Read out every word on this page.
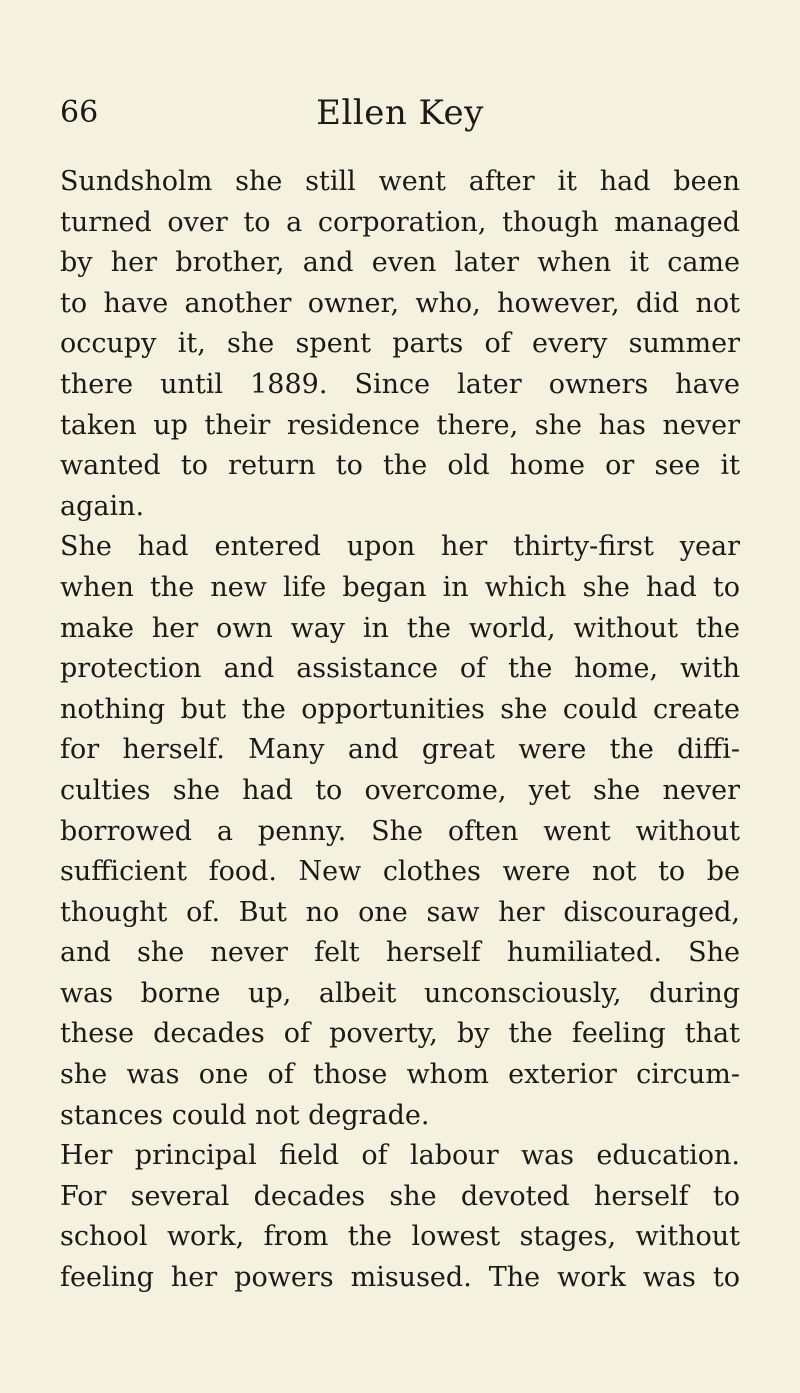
66	Ellen Key
Sundsholm she still went after it had been
turned over to a corporation, though managed
by her brother, and even later when it came
to have another owner, who, however, did not
occupy it, she spent parts of every summer
there until 1889. Since later owners have
taken up their residence there, she has never
wanted to return to the old home or see it
again.
She had entered upon her thirty-first year
when the new life began in which she had to
make her own way in the world, without the
protection and assistance of the home, with
nothing but the opportunities she could create
for herself. Many and great were the diffi-
culties she had to overcome, yet she never
borrowed a penny. She often went without
sufficient food. New clothes were not to be
thought of. But no one saw her discouraged,
and she never felt herself humiliated. She
was borne up, albeit unconsciously, during
these decades of poverty, by the feeling that
she was one of those whom exterior circum-
stances could not degrade.
Her principal field of labour was education.
For several decades she devoted herself to
school work, from the lowest stages, without
feeling her powers misused. The work was to
